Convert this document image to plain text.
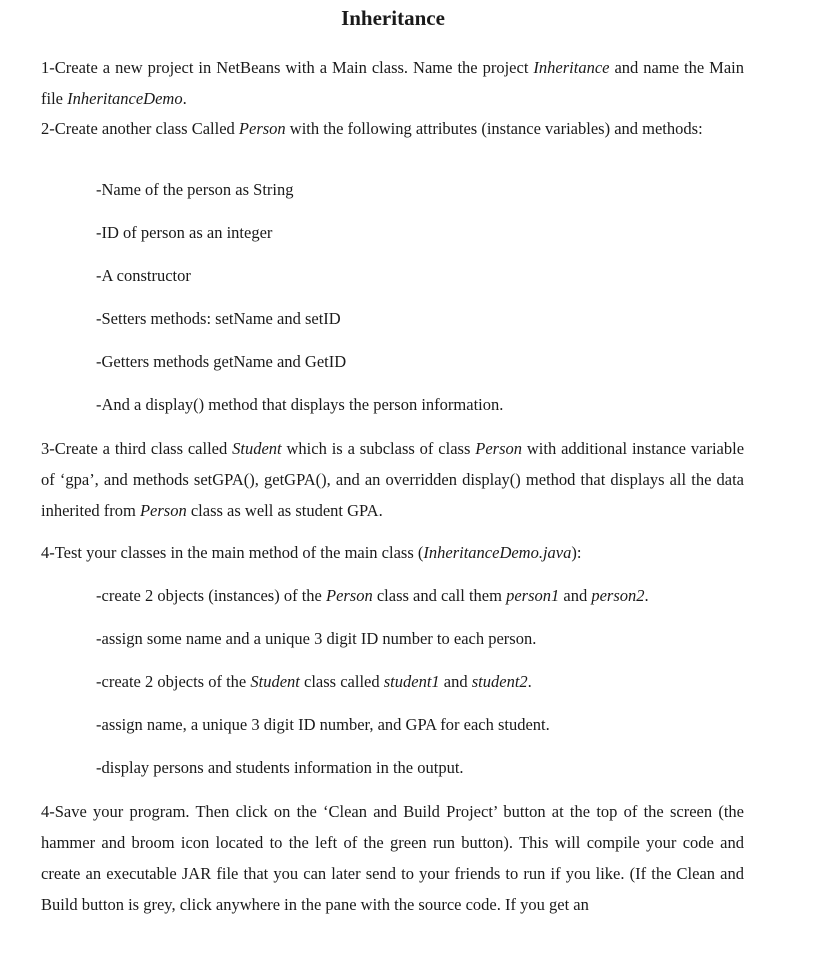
Inheritance

1-Create a new project in NetBeans with a Main class. Name the project Inheritance and name the Main file InheritanceDemo.

2-Create another class Called Person with the following attributes (instance variables) and methods:

-Name of the person as String

-ID of person as an integer

-A constructor

-Setters methods: setName and setID

-Getters methods getName and GetID

-And a display() method that displays the person information.

3-Create a third class called Student which is a subclass of class Person with additional instance variable of ‘gpa’, and methods setGPA(), getGPA(), and an overridden display() method that displays all the data inherited from Person class as well as student GPA.

4-Test your classes in the main method of the main class (InheritanceDemo.java):

-create 2 objects (instances) of the Person class and call them person1 and person2.

-assign some name and a unique 3 digit ID number to each person.

-create 2 objects of the Student class called student1 and student2.

-assign name, a unique 3 digit ID number, and GPA for each student.

-display persons and students information in the output.

4-Save your program. Then click on the ‘Clean and Build Project’ button at the top of the screen (the hammer and broom icon located to the left of the green run button). This will compile your code and create an executable JAR file that you can later send to your friends to run if you like. (If the Clean and Build button is grey, click anywhere in the pane with the source code. If you get an
